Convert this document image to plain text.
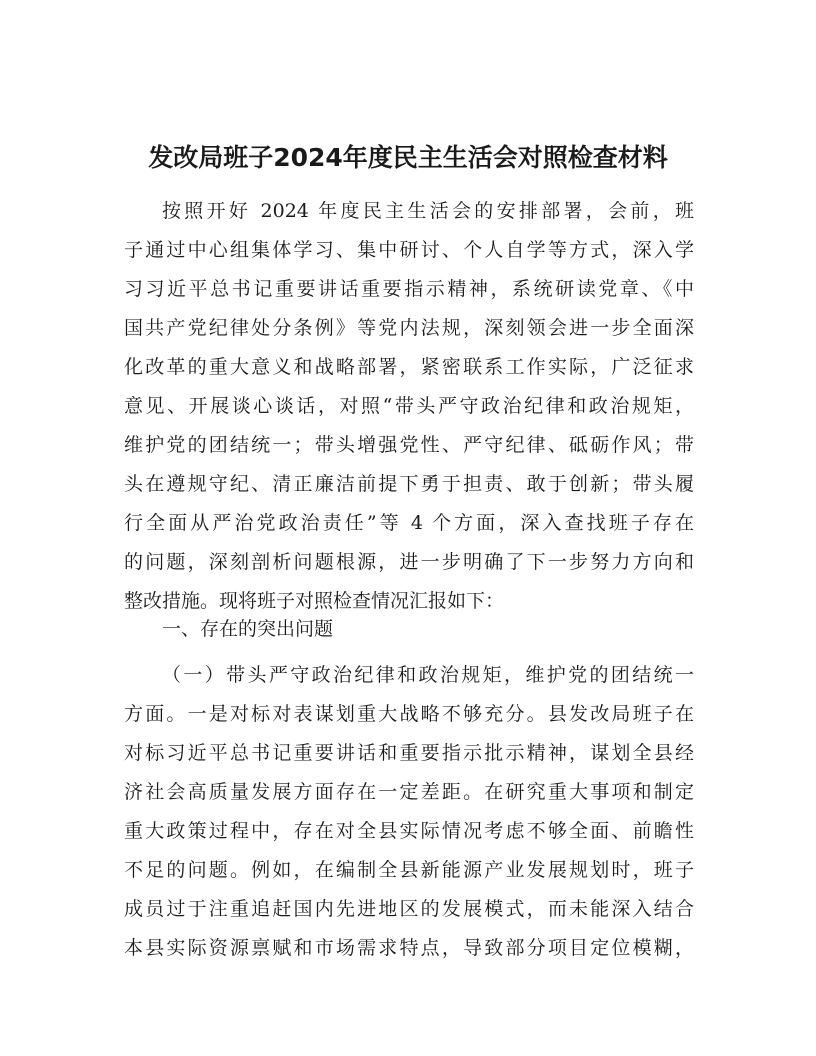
发改局班子2024年度民主生活会对照检查材料
按照开好 2024 年度民主生活会的安排部署，会前，班
子通过中心组集体学习、集中研讨、个人自学等方式，深入学
习习近平总书记重要讲话重要指示精神，系统研读党章、《中
国共产党纪律处分条例》等党内法规，深刻领会进一步全面深
化改革的重大意义和战略部署，紧密联系工作实际，广泛征求
意见、开展谈心谈话，对照“带头严守政治纪律和政治规矩，
维护党的团结统一；带头增强党性、严守纪律、砥砺作风；带
头在遵规守纪、清正廉洁前提下勇于担责、敢于创新；带头履
行全面从严治党政治责任”等 4 个方面，深入查找班子存在
的问题，深刻剖析问题根源，进一步明确了下一步努力方向和
整改措施。现将班子对照检查情况汇报如下：
一、存在的突出问题
（一）带头严守政治纪律和政治规矩，维护党的团结统一
方面。一是对标对表谋划重大战略不够充分。县发改局班子在
对标习近平总书记重要讲话和重要指示批示精神，谋划全县经
济社会高质量发展方面存在一定差距。在研究重大事项和制定
重大政策过程中，存在对全县实际情况考虑不够全面、前瞻性
不足的问题。例如，在编制全县新能源产业发展规划时，班子
成员过于注重追赶国内先进地区的发展模式，而未能深入结合
本县实际资源禀赋和市场需求特点，导致部分项目定位模糊，
